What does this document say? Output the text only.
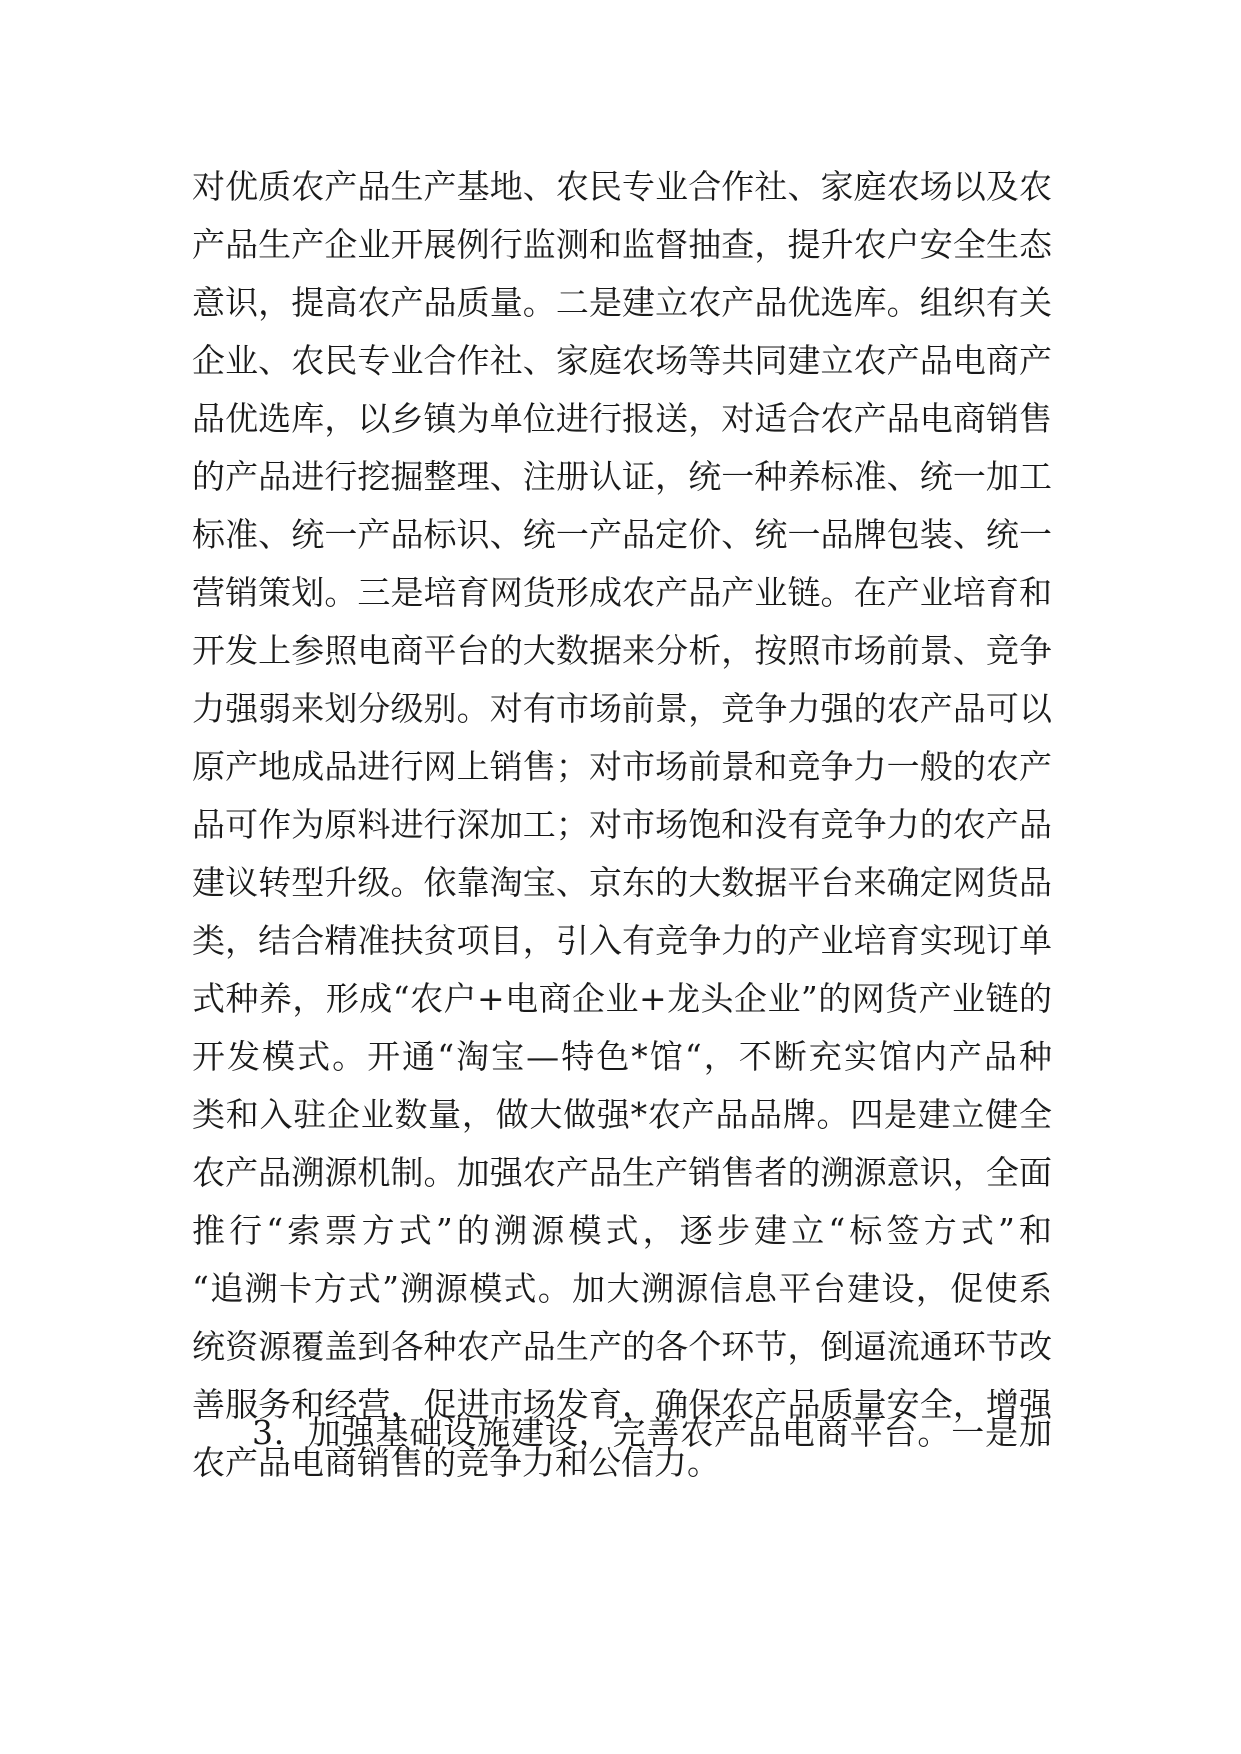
对优质农产品生产基地、农民专业合作社、家庭农场以及农
产品生产企业开展例行监测和监督抽查，提升农户安全生态
意识，提高农产品质量。二是建立农产品优选库。组织有关
企业、农民专业合作社、家庭农场等共同建立农产品电商产
品优选库，以乡镇为单位进行报送，对适合农产品电商销售
的产品进行挖掘整理、注册认证，统一种养标准、统一加工
标准、统一产品标识、统一产品定价、统一品牌包装、统一
营销策划。三是培育网货形成农产品产业链。在产业培育和
开发上参照电商平台的大数据来分析，按照市场前景、竞争
力强弱来划分级别。对有市场前景，竞争力强的农产品可以
原产地成品进行网上销售；对市场前景和竞争力一般的农产
品可作为原料进行深加工；对市场饱和没有竞争力的农产品
建议转型升级。依靠淘宝、京东的大数据平台来确定网货品
类，结合精准扶贫项目，引入有竞争力的产业培育实现订单
式种养，形成“农户+电商企业+龙头企业”的网货产业链的
开发模式。开通“淘宝—特色*馆“，不断充实馆内产品种
类和入驻企业数量，做大做强*农产品品牌。四是建立健全
农产品溯源机制。加强农产品生产销售者的溯源意识，全面
推行“索票方式”的溯源模式，逐步建立“标签方式”和
“追溯卡方式”溯源模式。加大溯源信息平台建设，促使系
统资源覆盖到各种农产品生产的各个环节，倒逼流通环节改
善服务和经营，促进市场发育，确保农产品质量安全，增强
农产品电商销售的竞争力和公信力。
3．加强基础设施建设，完善农产品电商平台。一是加
